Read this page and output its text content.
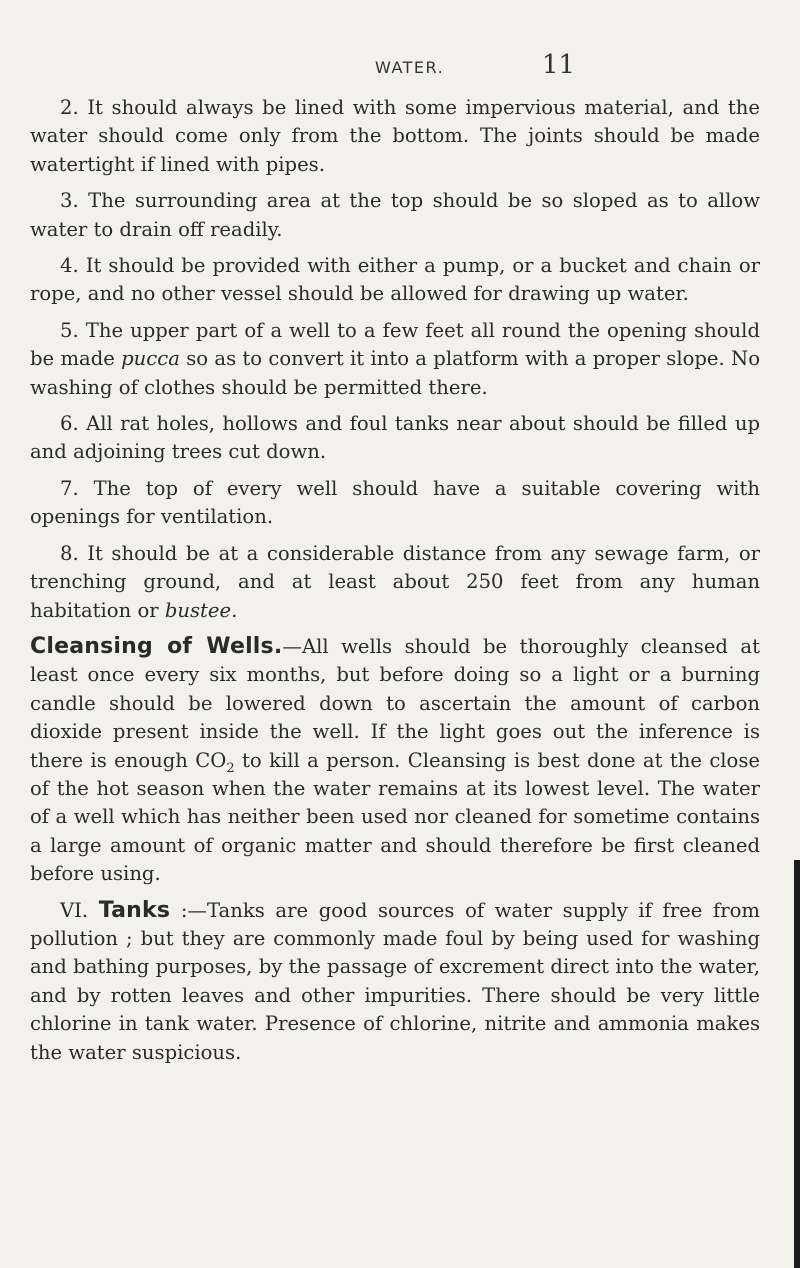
WATER.	11

2. It should always be lined with some impervious material, and the water should come only from the bottom. The joints should be made watertight if lined with pipes.

3. The surrounding area at the top should be so sloped as to allow water to drain off readily.

4. It should be provided with either a pump, or a bucket and chain or rope, and no other vessel should be allowed for drawing up water.

5. The upper part of a well to a few feet all round the opening should be made pucca so as to convert it into a platform with a proper slope. No washing of clothes should be permitted there.

6. All rat holes, hollows and foul tanks near about should be filled up and adjoining trees cut down.

7. The top of every well should have a suitable covering with openings for ventilation.

8. It should be at a considerable distance from any sewage farm, or trenching ground, and at least about 250 feet from any human habitation or bustee.

Cleansing of Wells.—All wells should be thoroughly cleansed at least once every six months, but before doing so a light or a burning candle should be lowered down to ascertain the amount of carbon dioxide present inside the well. If the light goes out the inference is there is enough $CO_2$ to kill a person. Cleansing is best done at the close of the hot season when the water remains at its lowest level. The water of a well which has neither been used nor cleaned for sometime contains a large amount of organic matter and should therefore be first cleaned before using.

VI. Tanks :—Tanks are good sources of water supply if free from pollution ; but they are commonly made foul by being used for washing and bathing purposes, by the passage of excrement direct into the water, and by rotten leaves and other impurities. There should be very little chlorine in tank water. Presence of chlorine, nitrite and ammonia makes the water suspicious.
